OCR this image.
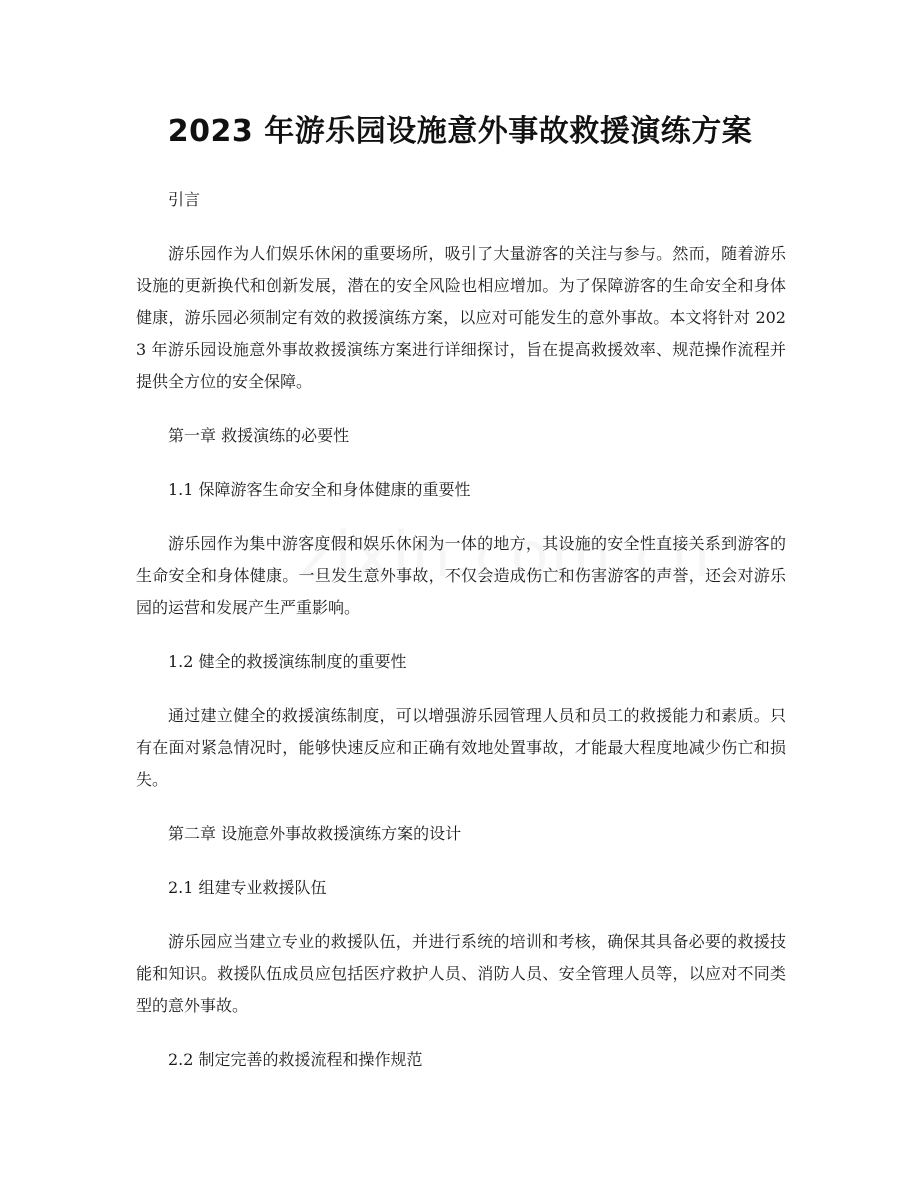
2023 年游乐园设施意外事故救援演练方案

引言

游乐园作为人们娱乐休闲的重要场所，吸引了大量游客的关注与参与。然而，随着游乐设施的更新换代和创新发展，潜在的安全风险也相应增加。为了保障游客的生命安全和身体健康，游乐园必须制定有效的救援演练方案，以应对可能发生的意外事故。本文将针对 2023 年游乐园设施意外事故救援演练方案进行详细探讨，旨在提高救援效率、规范操作流程并提供全方位的安全保障。

第一章 救援演练的必要性

1.1 保障游客生命安全和身体健康的重要性

游乐园作为集中游客度假和娱乐休闲为一体的地方，其设施的安全性直接关系到游客的生命安全和身体健康。一旦发生意外事故，不仅会造成伤亡和伤害游客的声誉，还会对游乐园的运营和发展产生严重影响。

1.2 健全的救援演练制度的重要性

通过建立健全的救援演练制度，可以增强游乐园管理人员和员工的救援能力和素质。只有在面对紧急情况时，能够快速反应和正确有效地处置事故，才能最大程度地减少伤亡和损失。

第二章 设施意外事故救援演练方案的设计

2.1 组建专业救援队伍

游乐园应当建立专业的救援队伍，并进行系统的培训和考核，确保其具备必要的救援技能和知识。救援队伍成员应包括医疗救护人员、消防人员、安全管理人员等，以应对不同类型的意外事故。

2.2 制定完善的救援流程和操作规范
